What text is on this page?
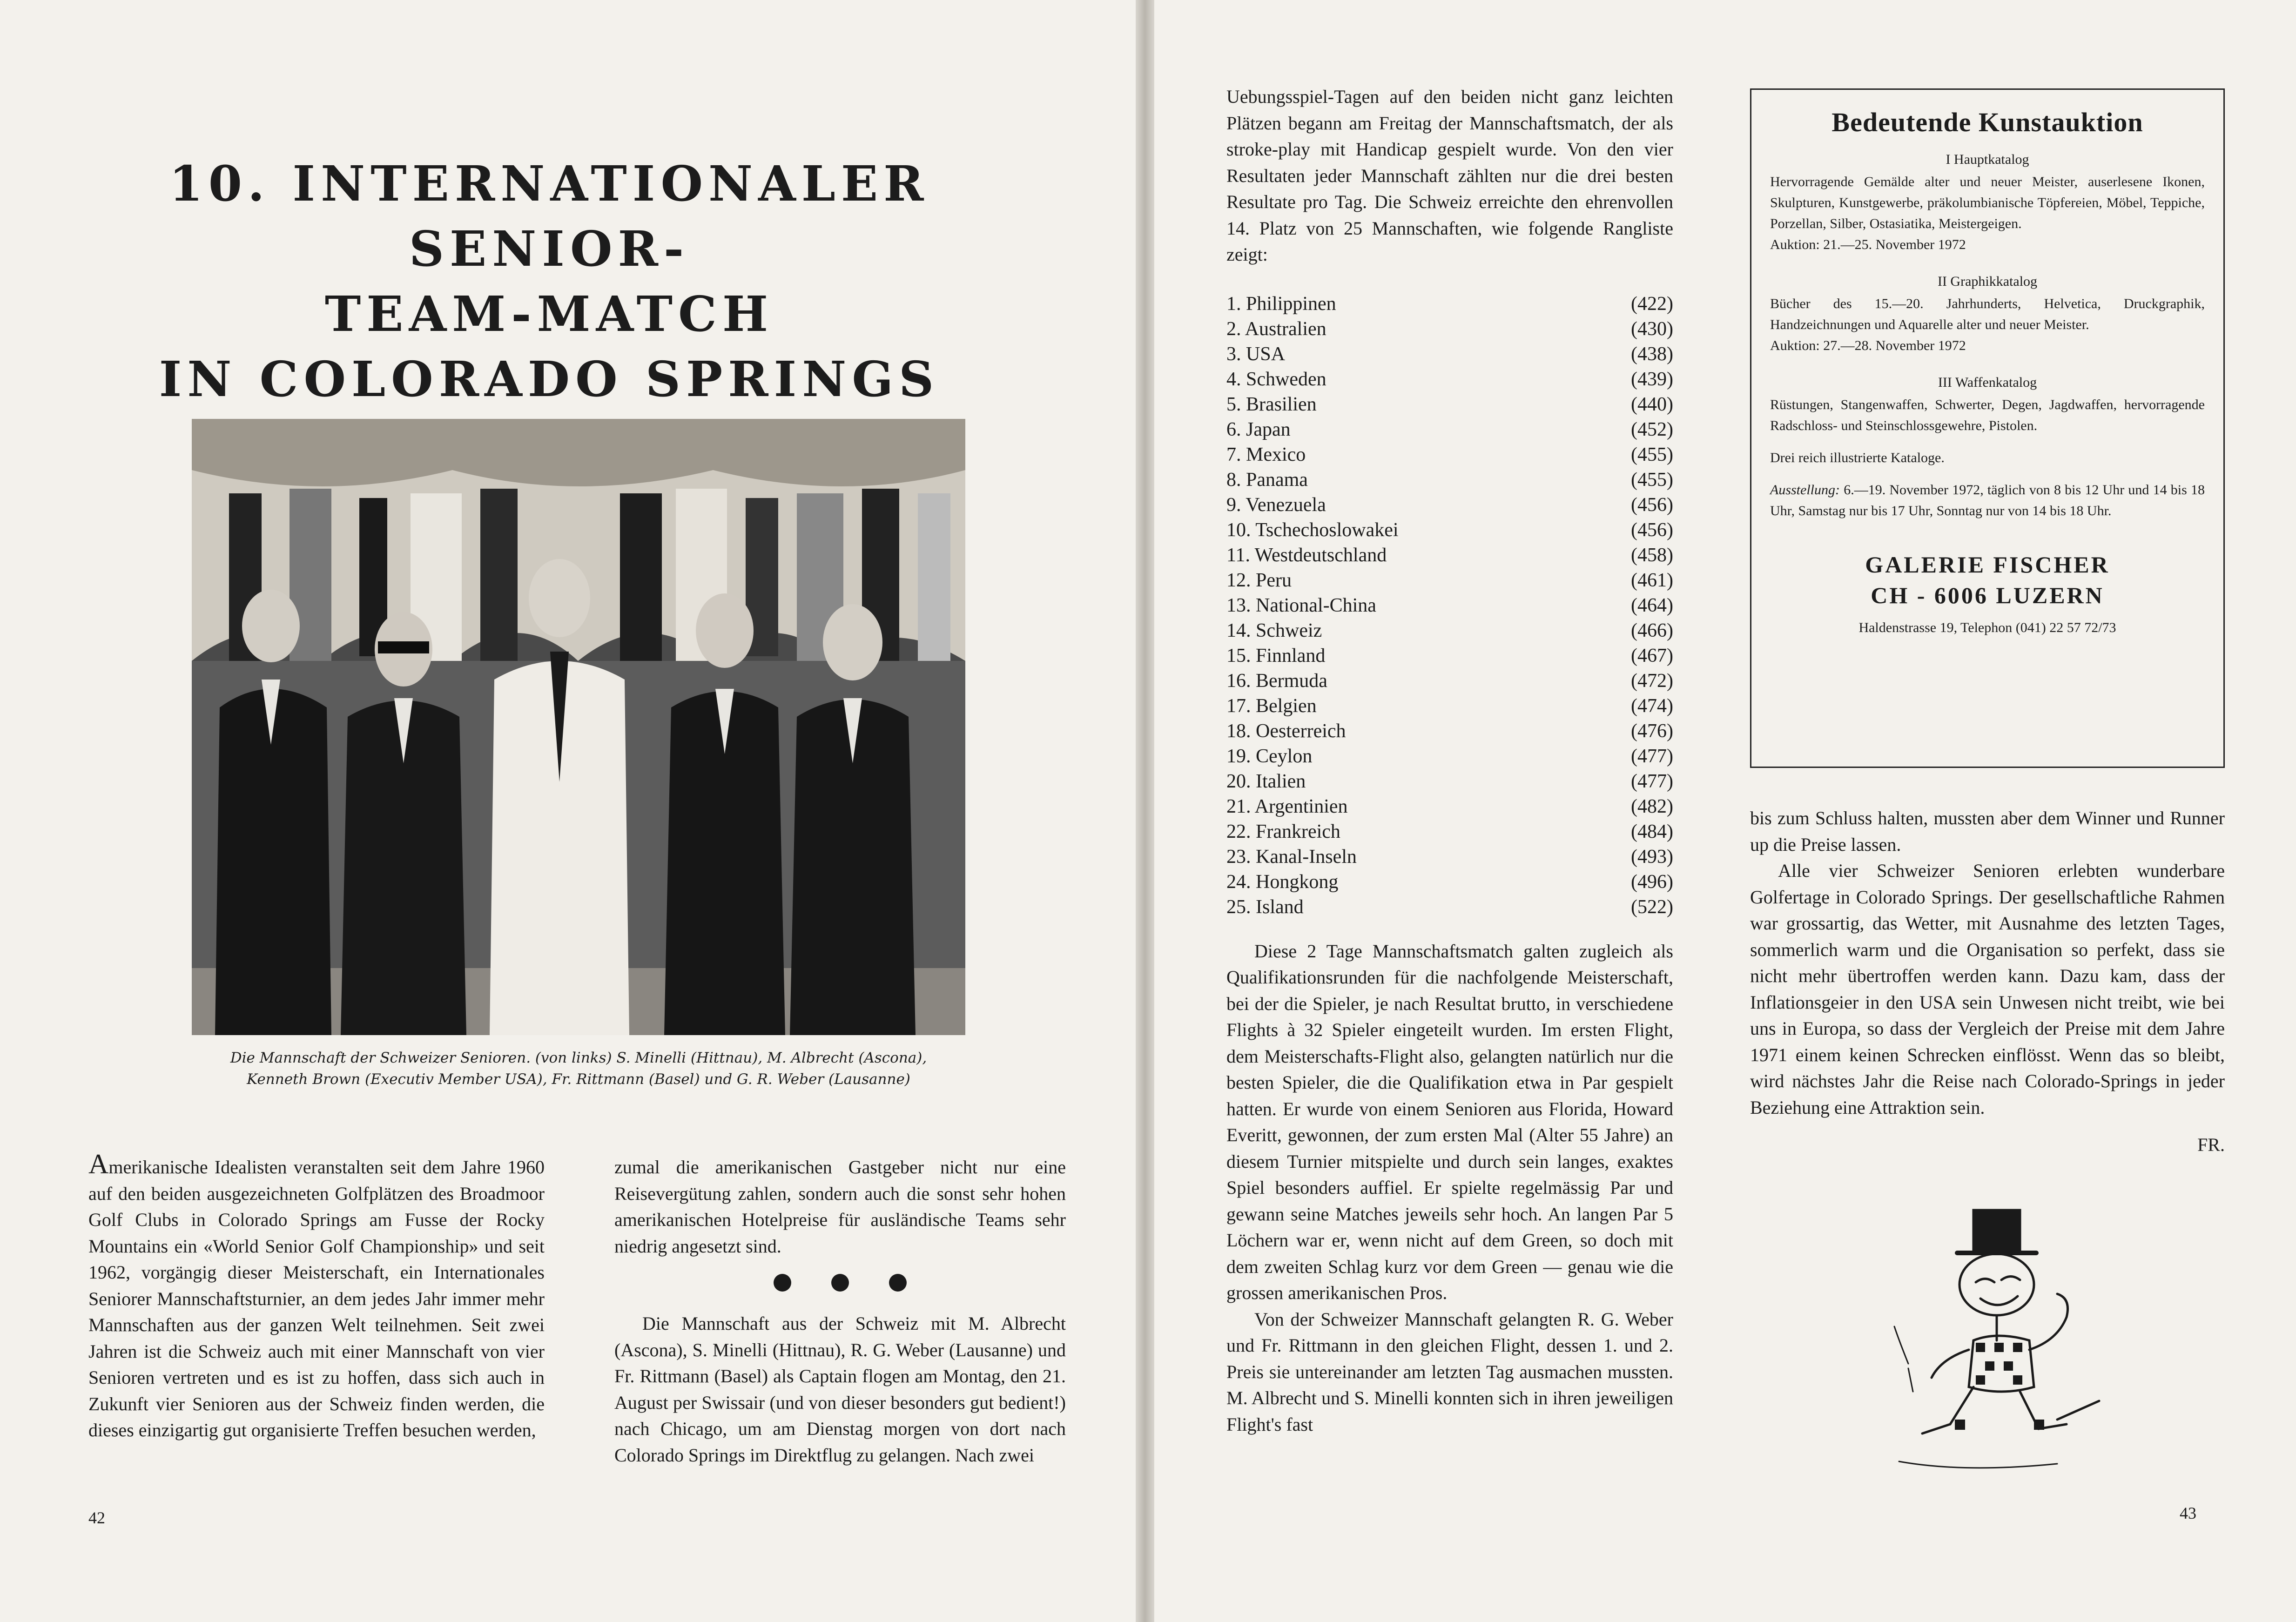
10. INTERNATIONALER SENIOR-
TEAM-MATCH
IN COLORADO SPRINGS
Die Mannschaft der Schweizer Senioren. (von links) S. Minelli (Hittnau), M. Albrecht (Ascona),
Kenneth Brown (Executiv Member USA), Fr. Rittmann (Basel) und G. R. Weber (Lausanne)

Amerikanische Idealisten veranstalten seit dem Jahre 1960 auf den beiden ausgezeichneten Golfplätzen des Broadmoor Golf Clubs in Colorado Springs am Fusse der Rocky Mountains ein «World Senior Golf Championship» und seit 1962, vorgängig dieser Meisterschaft, ein Internationales Seniorer Mannschaftsturnier, an dem jedes Jahr immer mehr Mannschaften aus der ganzen Welt teilnehmen. Seit zwei Jahren ist die Schweiz auch mit einer Mannschaft von vier Senioren vertreten und es ist zu hoffen, dass sich auch in Zukunft vier Senioren aus der Schweiz finden werden, die dieses einzigartig gut organisierte Treffen besuchen werden,

zumal die amerikanischen Gastgeber nicht nur eine Reisevergütung zahlen, sondern auch die sonst sehr hohen amerikanischen Hotelpreise für ausländische Teams sehr niedrig angesetzt sind.

Die Mannschaft aus der Schweiz mit M. Albrecht (Ascona), S. Minelli (Hittnau), R. G. Weber (Lausanne) und Fr. Rittmann (Basel) als Captain flogen am Montag, den 21. August per Swissair (und von dieser besonders gut bedient!) nach Chicago, um am Dienstag morgen von dort nach Colorado Springs im Direktflug zu gelangen. Nach zwei

42

Uebungsspiel-Tagen auf den beiden nicht ganz leichten Plätzen begann am Freitag der Mannschaftsmatch, der als stroke-play mit Handicap gespielt wurde. Von den vier Resultaten jeder Mannschaft zählten nur die drei besten Resultate pro Tag. Die Schweiz erreichte den ehrenvollen 14. Platz von 25 Mannschaften, wie folgende Rangliste zeigt:

1. Philippinen	(422)
2. Australien	(430)
3. USA	(438)
4. Schweden	(439)
5. Brasilien	(440)
6. Japan	(452)
7. Mexico	(455)
8. Panama	(455)
9. Venezuela	(456)
10. Tschechoslowakei	(456)
11. Westdeutschland	(458)
12. Peru	(461)
13. National-China	(464)
14. Schweiz	(466)
15. Finnland	(467)
16. Bermuda	(472)
17. Belgien	(474)
18. Oesterreich	(476)
19. Ceylon	(477)
20. Italien	(477)
21. Argentinien	(482)
22. Frankreich	(484)
23. Kanal-Inseln	(493)
24. Hongkong	(496)
25. Island	(522)

Diese 2 Tage Mannschaftsmatch galten zugleich als Qualifikationsrunden für die nachfolgende Meisterschaft, bei der die Spieler, je nach Resultat brutto, in verschiedene Flights à 32 Spieler eingeteilt wurden. Im ersten Flight, dem Meisterschafts-Flight also, gelangten natürlich nur die besten Spieler, die die Qualifikation etwa in Par gespielt hatten. Er wurde von einem Senioren aus Florida, Howard Everitt, gewonnen, der zum ersten Mal (Alter 55 Jahre) an diesem Turnier mitspielte und durch sein langes, exaktes Spiel besonders auffiel. Er spielte regelmässig Par und gewann seine Matches jeweils sehr hoch. An langen Par 5 Löchern war er, wenn nicht auf dem Green, so doch mit dem zweiten Schlag kurz vor dem Green — genau wie die grossen amerikanischen Pros.

Von der Schweizer Mannschaft gelangten R. G. Weber und Fr. Rittmann in den gleichen Flight, dessen 1. und 2. Preis sie untereinander am letzten Tag ausmachen mussten. M. Albrecht und S. Minelli konnten sich in ihren jeweiligen Flight's fast

Bedeutende Kunstauktion
I Hauptkatalog
Hervorragende Gemälde alter und neuer Meister, auserlesene Ikonen, Skulpturen, Kunstgewerbe, präkolumbianische Töpfereien, Möbel, Teppiche, Porzellan, Silber, Ostasiatika, Meistergeigen.
Auktion: 21.—25. November 1972
II Graphikkatalog
Bücher des 15.—20. Jahrhunderts, Helvetica, Druckgraphik, Handzeichnungen und Aquarelle alter und neuer Meister.
Auktion: 27.—28. November 1972
III Waffenkatalog
Rüstungen, Stangenwaffen, Schwerter, Degen, Jagdwaffen, hervorragende Radschloss- und Steinschlossgewehre, Pistolen.
Drei reich illustrierte Kataloge.
Ausstellung: 6.—19. November 1972, täglich von 8 bis 12 Uhr und 14 bis 18 Uhr, Samstag nur bis 17 Uhr, Sonntag nur von 14 bis 18 Uhr.
GALERIE FISCHER
CH - 6006 LUZERN
Haldenstrasse 19, Telephon (041) 22 57 72/73

bis zum Schluss halten, mussten aber dem Winner und Runner up die Preise lassen.

Alle vier Schweizer Senioren erlebten wunderbare Golfertage in Colorado Springs. Der gesellschaftliche Rahmen war grossartig, das Wetter, mit Ausnahme des letzten Tages, sommerlich warm und die Organisation so perfekt, dass sie nicht mehr übertroffen werden kann. Dazu kam, dass der Inflationsgeier in den USA sein Unwesen nicht treibt, wie bei uns in Europa, so dass der Vergleich der Preise mit dem Jahre 1971 einem keinen Schrecken einflösst. Wenn das so bleibt, wird nächstes Jahr die Reise nach Colorado-Springs in jeder Beziehung eine Attraktion sein.

FR.
43
